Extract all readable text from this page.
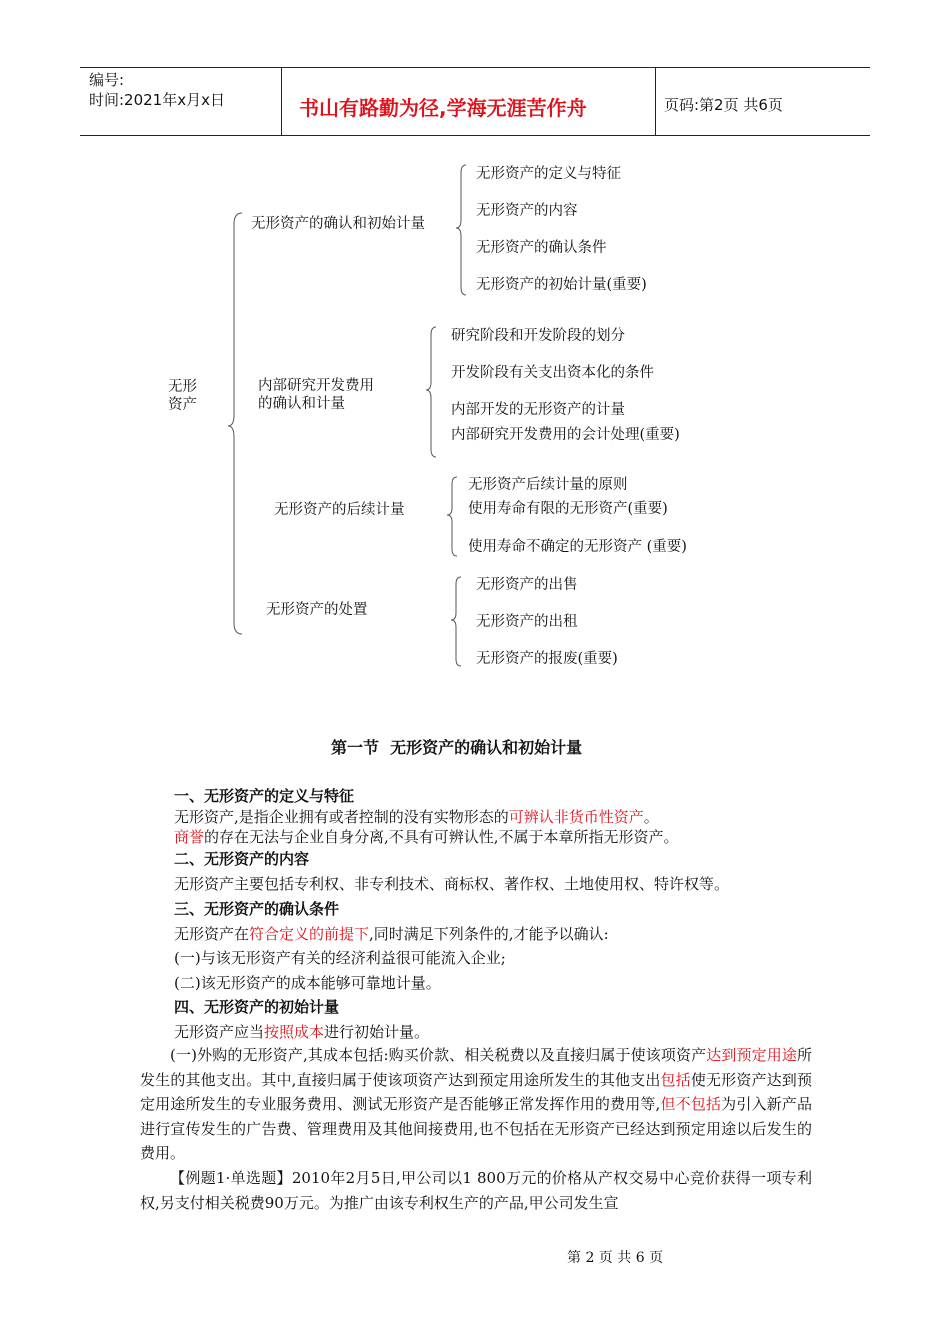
编号:
时间:2021年x月x日	书山有路勤为径,学海无涯苦作舟	页码:第2页 共6页
无形
资产
无形资产的确认和初始计量
无形资产的定义与特征
无形资产的内容
无形资产的确认条件
无形资产的初始计量(重要)
内部研究开发费用
的确认和计量
研究阶段和开发阶段的划分
开发阶段有关支出资本化的条件
内部开发的无形资产的计量
内部研究开发费用的会计处理(重要)
无形资产的后续计量
无形资产后续计量的原则
使用寿命有限的无形资产(重要)
使用寿命不确定的无形资产 (重要)
无形资产的处置
无形资产的出售
无形资产的出租
无形资产的报废(重要)
第一节  无形资产的确认和初始计量
一、无形资产的定义与特征
无形资产,是指企业拥有或者控制的没有实物形态的可辨认非货币性资产。
商誉的存在无法与企业自身分离,不具有可辨认性,不属于本章所指无形资产。
二、无形资产的内容
无形资产主要包括专利权、非专利技术、商标权、著作权、土地使用权、特许权等。
三、无形资产的确认条件
无形资产在符合定义的前提下,同时满足下列条件的,才能予以确认:
(一)与该无形资产有关的经济利益很可能流入企业;
(二)该无形资产的成本能够可靠地计量。
四、无形资产的初始计量
无形资产应当按照成本进行初始计量。
(一)外购的无形资产,其成本包括:购买价款、相关税费以及直接归属于使该项资产达到预定用途所发生的其他支出。其中,直接归属于使该项资产达到预定用途所发生的其他支出包括使无形资产达到预定用途所发生的专业服务费用、测试无形资产是否能够正常发挥作用的费用等,但不包括为引入新产品进行宣传发生的广告费、管理费用及其他间接费用,也不包括在无形资产已经达到预定用途以后发生的费用。
【例题1·单选题】2010年2月5日,甲公司以1 800万元的价格从产权交易中心竞价获得一项专利权,另支付相关税费90万元。为推广由该专利权生产的产品,甲公司发生宣
第 2 页 共 6 页
